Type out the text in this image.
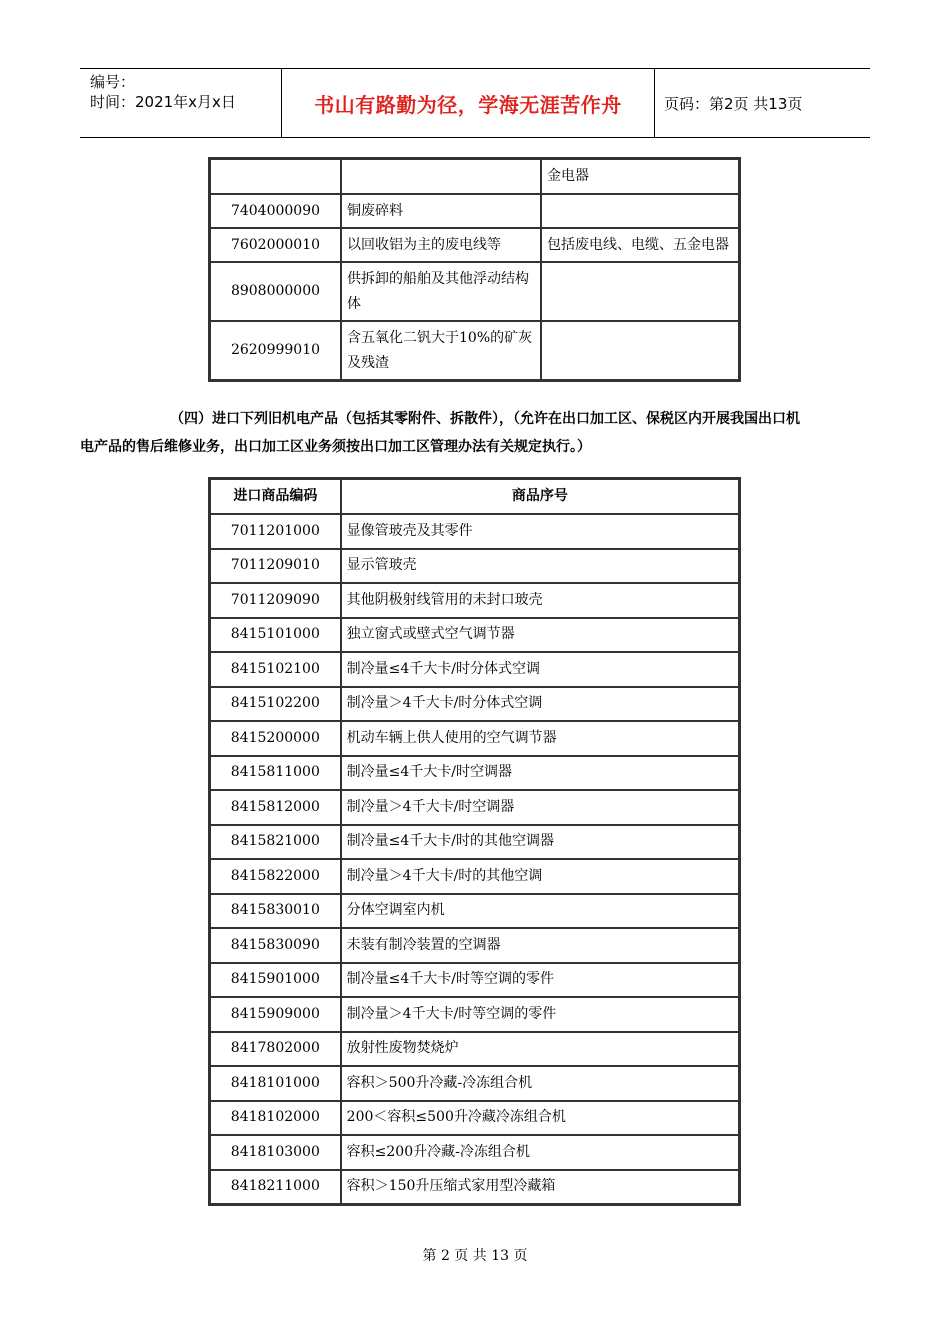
编号：
时间：2021年x月x日	书山有路勤为径，学海无涯苦作舟	页码：第2页 共13页
		金电器
7404000090	铜废碎料	
7602000010	以回收铝为主的废电线等	包括废电线、电缆、五金电器
8908000000	供拆卸的船舶及其他浮动结构体	
2620999010	含五氧化二钒大于10%的矿灰及残渣	
（四）进口下列旧机电产品（包括其零附件、拆散件），（允许在出口加工区、保税区内开展我国出口机电产品的售后维修业务，出口加工区业务须按出口加工区管理办法有关规定执行。）
进口商品编码	商品序号
7011201000	显像管玻壳及其零件
7011209010	显示管玻壳
7011209090	其他阴极射线管用的未封口玻壳
8415101000	独立窗式或壁式空气调节器
8415102100	制冷量≤4千大卡/时分体式空调
8415102200	制冷量＞4千大卡/时分体式空调
8415200000	机动车辆上供人使用的空气调节器
8415811000	制冷量≤4千大卡/时空调器
8415812000	制冷量＞4千大卡/时空调器
8415821000	制冷量≤4千大卡/时的其他空调器
8415822000	制冷量＞4千大卡/时的其他空调
8415830010	分体空调室内机
8415830090	未装有制冷装置的空调器
8415901000	制冷量≤4千大卡/时等空调的零件
8415909000	制冷量＞4千大卡/时等空调的零件
8417802000	放射性废物焚烧炉
8418101000	容积＞500升冷藏-冷冻组合机
8418102000	200＜容积≤500升冷藏冷冻组合机
8418103000	容积≤200升冷藏-冷冻组合机
8418211000	容积＞150升压缩式家用型冷藏箱
第 2 页 共 13 页
